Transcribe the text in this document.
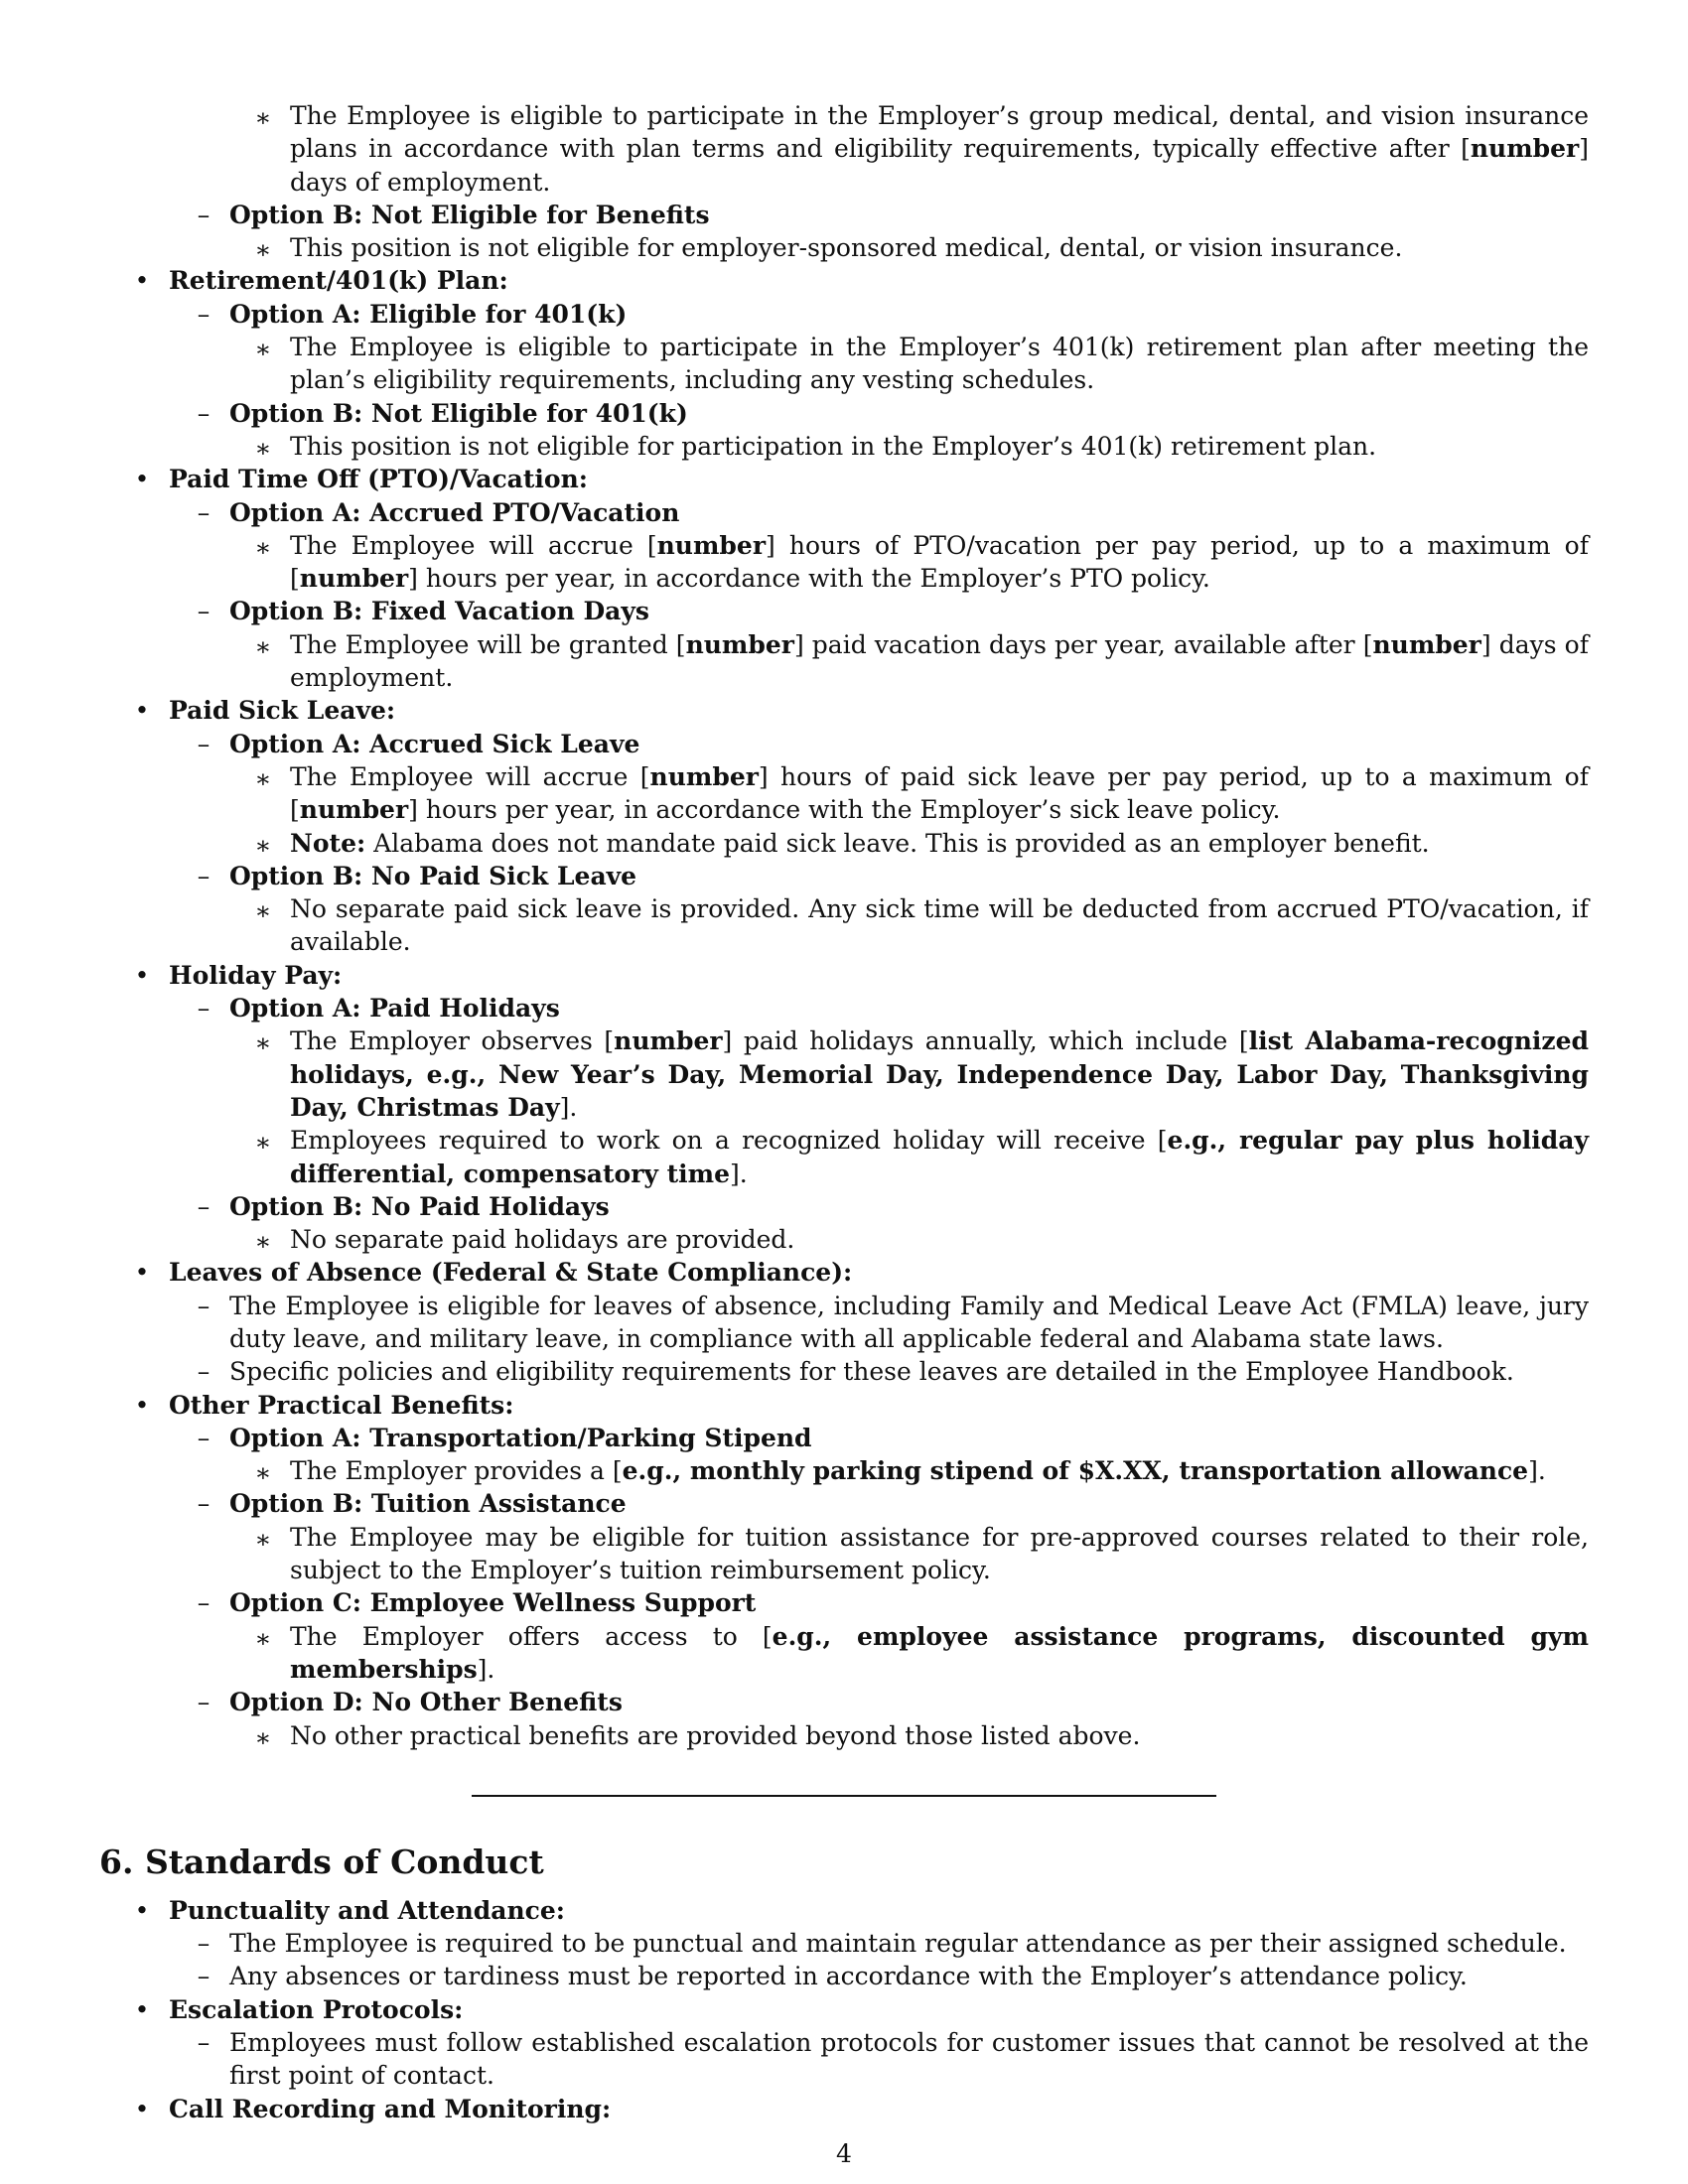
∗ The Employee is eligible to participate in the Employer’s group medical, dental, and vision insurance plans in accordance with plan terms and eligibility requirements, typically effective after [number] days of employment.
– Option B: Not Eligible for Benefits
∗ This position is not eligible for employer-sponsored medical, dental, or vision insurance.
• Retirement/401(k) Plan:
– Option A: Eligible for 401(k)
∗ The Employee is eligible to participate in the Employer’s 401(k) retirement plan after meeting the plan’s eligibility requirements, including any vesting schedules.
– Option B: Not Eligible for 401(k)
∗ This position is not eligible for participation in the Employer’s 401(k) retirement plan.
• Paid Time Off (PTO)/Vacation:
– Option A: Accrued PTO/Vacation
∗ The Employee will accrue [number] hours of PTO/vacation per pay period, up to a maximum of [number] hours per year, in accordance with the Employer’s PTO policy.
– Option B: Fixed Vacation Days
∗ The Employee will be granted [number] paid vacation days per year, available after [number] days of employment.
• Paid Sick Leave:
– Option A: Accrued Sick Leave
∗ The Employee will accrue [number] hours of paid sick leave per pay period, up to a maximum of [number] hours per year, in accordance with the Employer’s sick leave policy.
∗ Note: Alabama does not mandate paid sick leave. This is provided as an employer benefit.
– Option B: No Paid Sick Leave
∗ No separate paid sick leave is provided. Any sick time will be deducted from accrued PTO/vacation, if available.
• Holiday Pay:
– Option A: Paid Holidays
∗ The Employer observes [number] paid holidays annually, which include [list Alabama-recognized holidays, e.g., New Year’s Day, Memorial Day, Independence Day, Labor Day, Thanksgiving Day, Christmas Day].
∗ Employees required to work on a recognized holiday will receive [e.g., regular pay plus holiday differential, compensatory time].
– Option B: No Paid Holidays
∗ No separate paid holidays are provided.
• Leaves of Absence (Federal & State Compliance):
– The Employee is eligible for leaves of absence, including Family and Medical Leave Act (FMLA) leave, jury duty leave, and military leave, in compliance with all applicable federal and Alabama state laws.
– Specific policies and eligibility requirements for these leaves are detailed in the Employee Handbook.
• Other Practical Benefits:
– Option A: Transportation/Parking Stipend
∗ The Employer provides a [e.g., monthly parking stipend of $X.XX, transportation allowance].
– Option B: Tuition Assistance
∗ The Employee may be eligible for tuition assistance for pre-approved courses related to their role, subject to the Employer’s tuition reimbursement policy.
– Option C: Employee Wellness Support
∗ The Employer offers access to [e.g., employee assistance programs, discounted gym memberships].
– Option D: No Other Benefits
∗ No other practical benefits are provided beyond those listed above.
6. Standards of Conduct
• Punctuality and Attendance:
– The Employee is required to be punctual and maintain regular attendance as per their assigned schedule.
– Any absences or tardiness must be reported in accordance with the Employer’s attendance policy.
• Escalation Protocols:
– Employees must follow established escalation protocols for customer issues that cannot be resolved at the first point of contact.
• Call Recording and Monitoring:
4
